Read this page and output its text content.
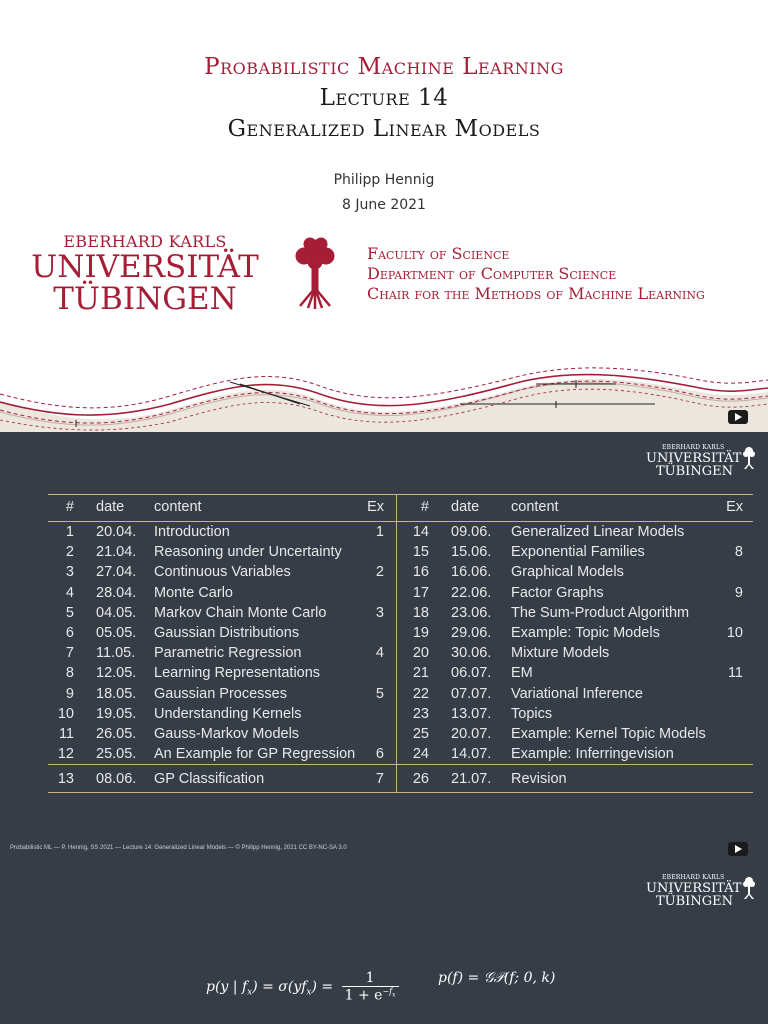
Probabilistic Machine Learning
Lecture 14
Generalized Linear Models
Philipp Hennig
8 June 2021
EBERHARD KARLS
UNIVERSITÄT
TÜBINGEN
Faculty of Science
Department of Computer Science
Chair for the Methods of Machine Learning
EBERHARD KARLS
UNIVERSITÄT
TÜBINGEN
#	date	content	Ex	#	date	content	Ex
1	20.04.	Introduction	1	14	09.06.	Generalized Linear Models	
2	21.04.	Reasoning under Uncertainty		15	15.06.	Exponential Families	8
3	27.04.	Continuous Variables	2	16	16.06.	Graphical Models	
4	28.04.	Monte Carlo		17	22.06.	Factor Graphs	9
5	04.05.	Markov Chain Monte Carlo	3	18	23.06.	The Sum-Product Algorithm	
6	05.05.	Gaussian Distributions		19	29.06.	Example: Topic Models	10
7	11.05.	Parametric Regression	4	20	30.06.	Mixture Models	
8	12.05.	Learning Representations		21	06.07.	EM	11
9	18.05.	Gaussian Processes	5	22	07.07.	Variational Inference	
10	19.05.	Understanding Kernels		23	13.07.	Topics	
11	26.05.	Gauss-Markov Models		25	20.07.	Example: Kernel Topic Models	
12	25.05.	An Example for GP Regression	6	24	14.07.	Example: Inferringevision	
13	08.06.	GP Classification	7	26	21.07.	Revision	
Probabilistic ML — P. Hennig, SS 2021 — Lecture 14: Generalized Linear Models — © Philipp Hennig, 2021 CC BY-NC-SA 3.0
EBERHARD KARLS
UNIVERSITÄT
TÜBINGEN
p(y | $f_x) = \sigma(yf_x) = \frac{1}{1 + e^{-f_x}}$	p(f) = 𝒢𝒫(f; 0, k)
